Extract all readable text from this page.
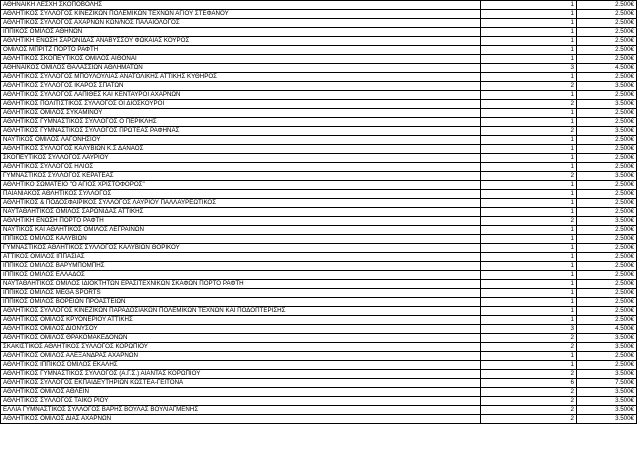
ΑΘΗΝΑΙΚΗ ΛΕΣΧΗ ΣΚΟΠΟΒΟΛΗΣ	1	2.500€
ΑΘΛΗΤΙΚΟΣ ΣΥΛΛΟΓΟΣ ΚΙΝΕΖΙΚΩΝ ΠΟΛΕΜΙΚΩΝ ΤΕΧΝΩΝ ΑΓΙΟΥ ΣΤΕΦΑΝΟΥ	1	2.500€
ΑΘΛΗΤΙΚΟΣ ΣΥΛΛΟΓΟΣ ΑΧΑΡΝΩΝ ΚΩΝ/ΝΟΣ ΠΑΛΑΙΟΛΟΓΟΣ	1	2.500€
ΙΠΠΙΚΟΣ ΟΜΙΛΟΣ ΑΘΗΝΩΝ	1	2.500€
ΑΘΛΗΤΙΚΗ ΕΝΩΣΗ ΣΑΡΩΝΙΔΑΣ ΑΝΑΒΥΣΣΟΥ ΦΩΚΑΙΑΣ ΚΟΥΡΟΣ	1	2.500€
ΟΜΙΛΟΣ ΜΠΡΙΤΖ ΠΟΡΤΟ ΡΑΦΤΗ	1	2.500€
ΑΘΛΗΤΙΚΟΣ ΣΚΟΠΕΥΤΙΚΟΣ ΟΜΙΛΟΣ ΑΙΘΟΝΑΙ	1	2.500€
ΑΘΗΝΑΪΚΟΣ ΟΜΙΛΟΣ ΘΑΛΑΣΣΙΩΝ ΑΘΛΗΜΑΤΩΝ	3	4.500€
ΑΘΛΗΤΙΚΟΣ ΣΥΛΛΟΓΟΣ ΜΠΟΥΛΟΥΛΙΑΣ ΑΝΑΤΟΛΙΚΗΣ ΑΤΤΙΚΗΣ ΚΥΘΗΡΟΣ	1	2.500€
ΑΘΛΗΤΙΚΟΣ ΣΥΛΛΟΓΟΣ ΙΚΑΡΟΣ ΣΠΑΤΩΝ	2	3.500€
ΑΘΛΗΤΙΚΟΣ ΣΥΛΛΟΓΟΣ ΛΑΠΙΘΕΣ ΚΑΙ ΚΕΝΤΑΥΡΟΙ ΑΧΑΡΝΩΝ	1	2.500€
ΑΘΛΗΤΙΚΟΣ ΠΟΛΙΤΙΣΤΙΚΟΣ ΣΥΛΛΟΓΟΣ ΟΙ ΔΙΟΣΚΟΥΡΟΙ	2	3.500€
ΑΘΛΗΤΙΚΟΣ ΟΜΙΛΟΣ ΣΥΚΑΜΙΝΟΥ	1	2.500€
ΑΘΛΗΤΙΚΟΣ ΓΥΜΝΑΣΤΙΚΟΣ ΣΥΛΛΟΓΟΣ Ο ΠΕΡΙΚΛΗΣ	1	2.500€
ΑΘΛΗΤΙΚΟΣ ΓΥΜΝΑΣΤΙΚΟΣ ΣΥΛΛΟΓΟΣ ΠΡΩΤΕΑΣ ΡΑΦΗΝΑΣ	2	3.500€
ΝΑΥΤΙΚΟΣ ΟΜΙΛΟΣ ΛΑΓΟΝΗΣΙΟΥ	1	2.500€
ΑΘΛΗΤΙΚΟΣ ΣΥΛΛΟΓΟΣ ΚΑΛΥΒΙΩΝ Κ.Σ ΔΑΝΑΟΣ	1	2.500€
ΣΚΟΠΕΥΤΙΚΟΣ ΣΥΛΛΟΓΟΣ ΛΑΥΡΙΟΥ	1	2.500€
ΑΘΛΗΤΙΚΟΣ ΣΥΛΛΟΓΟΣ ΗΛΙΟΣ	1	2.500€
ΓΥΜΝΑΣΤΙΚΟΣ ΣΥΛΛΟΓΟΣ ΚΕΡΑΤΕΑΣ	2	3.500€
ΑΘΛΗΤΙΚΟ ΣΩΜΑΤΕΙΟ "Ο ΑΓΙΟΣ ΧΡΙΣΤΟΦΟΡΟΣ"	1	2.500€
ΠΑΙΑΝΙΑΚΟΣ ΑΘΛΗΤΙΚΟΣ ΣΥΛΛΟΓΟΣ	1	2.500€
ΑΘΛΗΤΙΚΟΣ & ΠΟΔΟΣΦΑΙΡΙΚΟΣ ΣΥΛΛΟΓΟΣ ΛΑΥΡΙΟΥ ΠΑΛΛΑΥΡΕΩΤΙΚΟΣ	1	2.500€
ΝΑΥΤΑΘΛΗΤΙΚΟΣ ΟΜΙΛΟΣ ΣΑΡΩΝΙΔΑΣ ΑΤΤΙΚΗΣ	1	2.500€
ΑΘΛΗΤΙΚΗ ΕΝΩΣΗ ΠΟΡΤΟ ΡΑΦΤΗ	2	3.500€
ΝΑΥΤΙΚΟΣ ΚΑΙ ΑΘΛΗΤΙΚΟΣ ΟΜΙΛΟΣ ΛΕΓΡΑΙΝΩΝ	1	2.500€
ΙΠΠΙΚΟΣ ΟΜΙΛΟΣ ΚΑΛΥΒΙΩΝ	1	2.500€
ΓΥΜΝΑΣΤΙΚΟΣ ΑΘΛΗΤΙΚΟΣ ΣΥΛΛΟΓΟΣ ΚΑΛΥΒΙΩΝ ΘΟΡΙΚΟΥ	1	2.500€
ΑΤΤΙΚΟΣ ΟΜΙΛΟΣ ΙΠΠΑΣΙΑΣ	1	2.500€
ΙΠΠΙΚΟΣ ΟΜΙΛΟΣ ΒΑΡΥΜΠΟΜΠΗΣ	1	2.500€
ΙΠΠΙΚΟΣ ΟΜΙΛΟΣ ΕΛΛΑΔΟΣ	1	2.500€
ΝΑΥΤΑΘΛΗΤΙΚΟΣ ΟΜΙΛΟΣ ΙΔΙΟΚΤΗΤΩΝ ΕΡΑΣΙΤΕΧΝΙΚΩΝ ΣΚΑΦΩΝ ΠΟΡΤΟ ΡΑΦΤΗ	1	2.500€
ΙΠΠΙΚΟΣ ΟΜΙΛΟΣ MEGA SPORTS	1	2.500€
ΙΠΠΙΚΟΣ ΟΜΙΛΟΣ ΒΟΡΕΙΩΝ ΠΡΟΑΣΤΕΙΩΝ	1	2.500€
ΑΘΛΗΤΙΚΟΣ ΣΥΛΛΟΓΟΣ ΚΙΝΕΖΙΚΩΝ ΠΑΡΑΔΟΣΙΑΚΩΝ ΠΟΛΕΜΙΚΩΝ ΤΕΧΝΩΝ ΚΑΙ ΠΟΔΟΠΤΕΡΙΣΗΣ	1	2.500€
ΑΘΛΗΤΙΚΟΣ ΟΜΙΛΟΣ ΚΡΥΟΝΕΡΙΟΥ ΑΤΤΙΚΗΣ	1	2.500€
ΑΘΛΗΤΙΚΟΣ ΟΜΙΛΟΣ ΔΙΟΝΥΣΟΥ	3	4.500€
ΑΘΛΗΤΙΚΟΣ ΟΜΙΛΟΣ ΘΡΑΚΟΜΑΚΕΔΟΝΩΝ	2	3.500€
ΣΚΑΚΙΣΤΙΚΟΣ ΑΘΛΗΤΙΚΟΣ ΣΥΛΛΟΓΟΣ ΚΟΡΩΠΙΟΥ	2	3.500€
ΑΘΛΗΤΙΚΟΣ ΟΜΙΛΟΣ ΑΛΕΞΑΝΔΡΑΣ ΑΧΑΡΝΩΝ	1	2.500€
ΑΘΛΗΤΙΚΟΣ ΙΠΠΙΚΟΣ ΟΜΙΛΟΣ ΕΚΑΛΗΣ	1	2.500€
ΑΘΛΗΤΙΚΟΣ ΓΥΜΝΑΣΤΙΚΟΣ ΣΥΛΛΟΓΟΣ (Α.Γ.Σ.) ΑΙΑΝΤΑΣ ΚΟΡΩΠΙΟΥ	2	3.500€
ΑΘΛΗΤΙΚΟΣ ΣΥΛΛΟΓΟΣ ΕΚΠΑΙΔΕΥΤΗΡΙΩΝ ΚΩΣΤΕΑ-ΓΕΙΤΟΝΑ	6	7.500€
ΑΘΛΗΤΙΚΟΣ ΟΜΙΛΟΣ ΑΘΛΕΙΝ	2	3.500€
ΑΘΛΗΤΙΚΟΣ ΣΥΛΛΟΓΟΣ ΤΑΪΚΟ ΡΙΟΥ	2	3.500€
ΕΛΛΙΑ ΓΥΜΝΑΣΤΙΚΟΣ ΣΥΛΛΟΓΟΣ ΒΑΡΗΣ ΒΟΥΛΑΣ ΒΟΥΛΙΑΓΜΕΝΗΣ	2	3.500€
ΑΘΛΗΤΙΚΟΣ ΟΜΙΛΟΣ ΔΙΑΣ ΑΧΑΡΝΩΝ	2	3.500€
